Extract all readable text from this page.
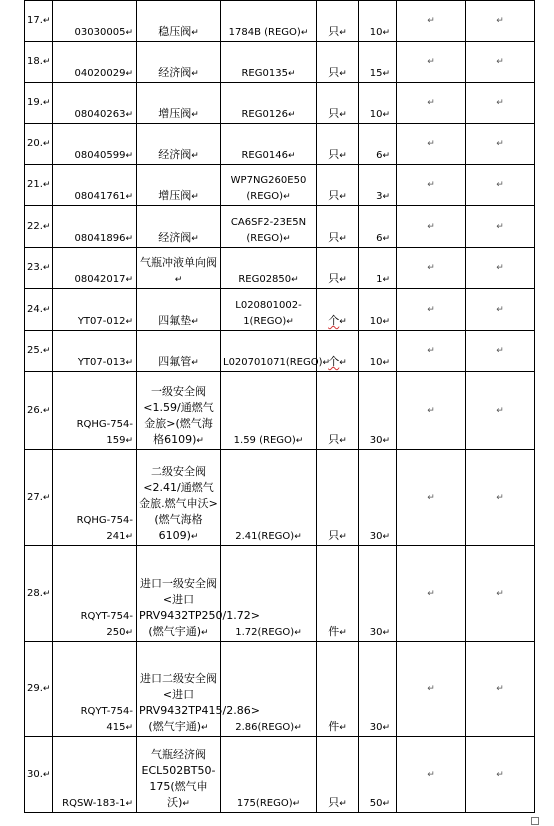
17.↵	03030005↵	稳压阀↵	1784B (REGO)↵	只↵	10↵	↵	↵
18.↵	04020029↵	经济阀↵	REG0135↵	只↵	15↵	↵	↵
19.↵	08040263↵	增压阀↵	REG0126↵	只↵	10↵	↵	↵
20.↵	08040599↵	经济阀↵	REG0146↵	只↵	6↵	↵	↵
21.↵	08041761↵	增压阀↵	WP7NG260E50 (REGO)↵	只↵	3↵	↵	↵
22.↵	08041896↵	经济阀↵	CA6SF2-23E5N (REGO)↵	只↵	6↵	↵	↵
23.↵	08042017↵	气瓶冲液单向阀↵	REG02850↵	只↵	1↵	↵	↵
24.↵	YT07-012↵	四氟垫↵	L020801002-1(REGO)↵	个↵	10↵	↵	↵
25.↵	YT07-013↵	四氟管↵	L020701071(REGO)↵	个↵	10↵	↵	↵
26.↵	RQHG-754-159↵	一级安全阀<1.59/通燃气金旅>(燃气海格6109)↵	1.59 (REGO)↵	只↵	30↵	↵	↵
27.↵	RQHG-754-241↵	二级安全阀<2.41/通燃气金旅.燃气申沃>(燃气海格6109)↵	2.41(REGO)↵	只↵	30↵	↵	↵
28.↵	RQYT-754-250↵	进口一级安全阀<进口PRV9432TP250/1.72>(燃气宇通)↵	1.72(REGO)↵	件↵	30↵	↵	↵
29.↵	RQYT-754-415↵	进口二级安全阀<进口PRV9432TP415/2.86>(燃气宇通)↵	2.86(REGO)↵	件↵	30↵	↵	↵
30.↵	RQSW-183-1↵	气瓶经济阀ECL502BT50-175(燃气申沃)↵	175(REGO)↵	只↵	50↵	↵	↵
